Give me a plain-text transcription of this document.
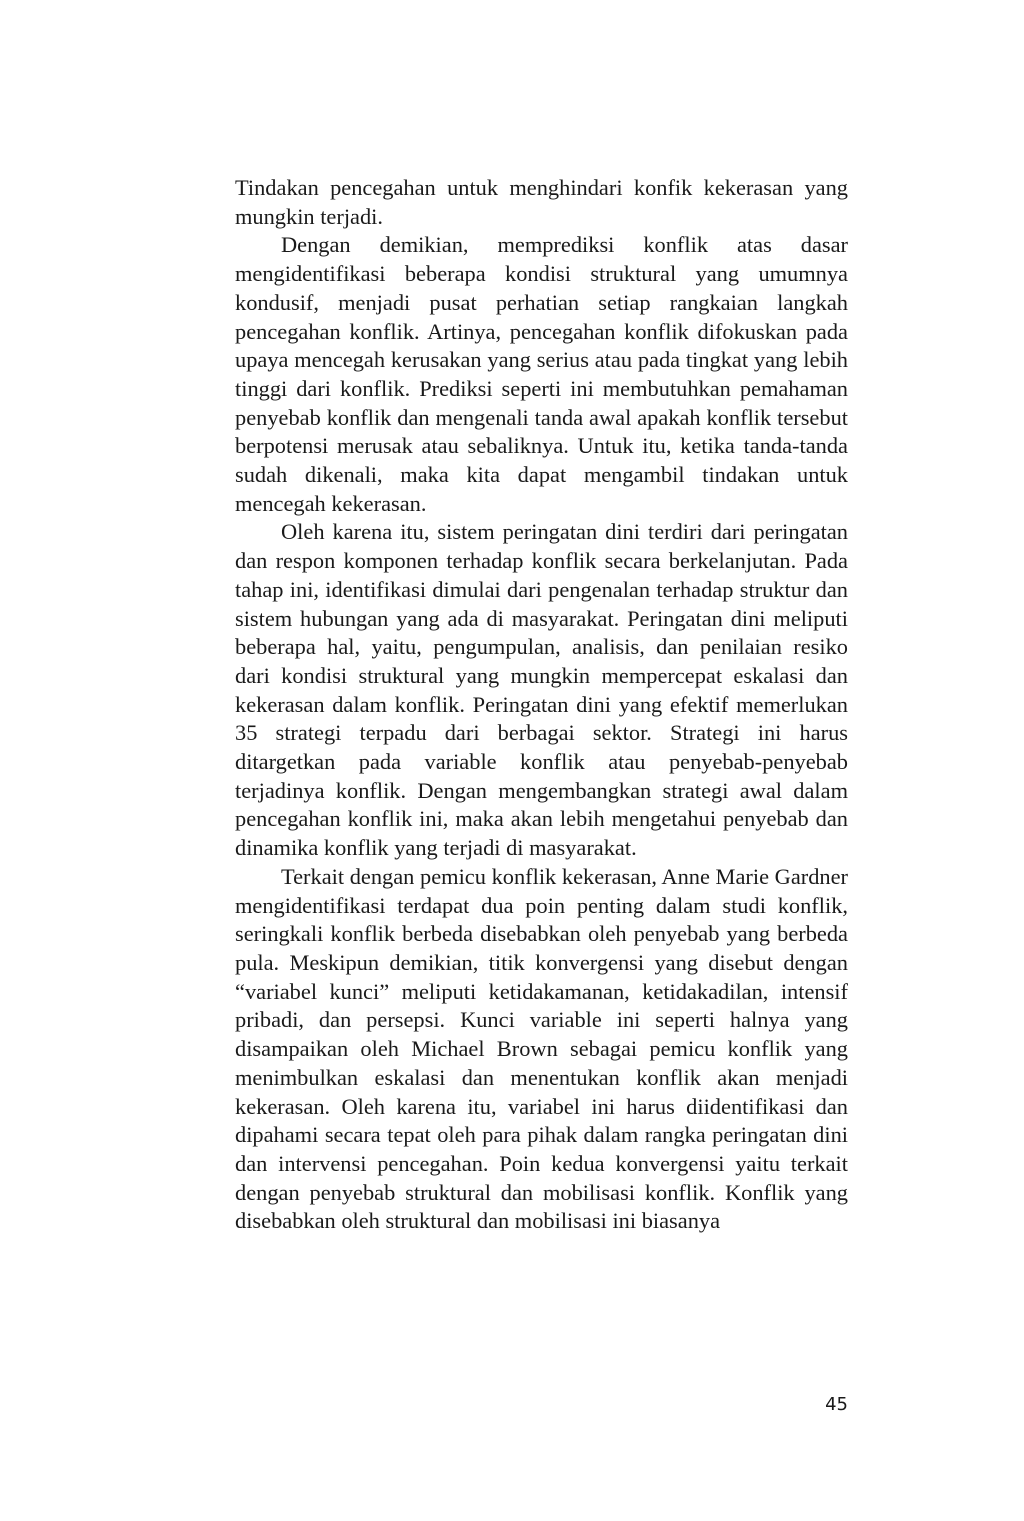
Tindakan pencegahan untuk menghindari konfik kekerasan yang mungkin terjadi.

Dengan demikian, memprediksi konflik atas dasar mengidentifikasi beberapa kondisi struktural yang umumnya kondusif, menjadi pusat perhatian setiap rangkaian langkah pencegahan konflik. Artinya, pencegahan konflik difokuskan pada upaya mencegah kerusakan yang serius atau pada tingkat yang lebih tinggi dari konflik. Prediksi seperti ini membutuhkan pemahaman penyebab konflik dan mengenali tanda awal apakah konflik tersebut berpotensi merusak atau sebaliknya. Untuk itu, ketika tanda-tanda sudah dikenali, maka kita dapat mengambil tindakan untuk mencegah kekerasan.

Oleh karena itu, sistem peringatan dini terdiri dari peringatan dan respon komponen terhadap konflik secara berkelanjutan. Pada tahap ini, identifikasi dimulai dari pengenalan terhadap struktur dan sistem hubungan yang ada di masyarakat. Peringatan dini meliputi beberapa hal, yaitu, pengumpulan, analisis, dan penilaian resiko dari kondisi struktural yang mungkin mempercepat eskalasi dan kekerasan dalam konflik. Peringatan dini yang efektif memerlukan 35 strategi terpadu dari berbagai sektor. Strategi ini harus ditargetkan pada variable konflik atau penyebab-penyebab terjadinya konflik. Dengan mengembangkan strategi awal dalam pencegahan konflik ini, maka akan lebih mengetahui penyebab dan dinamika konflik yang terjadi di masyarakat.

Terkait dengan pemicu konflik kekerasan, Anne Marie Gardner mengidentifikasi terdapat dua poin penting dalam studi konflik, seringkali konflik berbeda disebabkan oleh penyebab yang berbeda pula. Meskipun demikian, titik konvergensi yang disebut dengan “variabel kunci” meliputi ketidakamanan, ketidakadilan, intensif pribadi, dan persepsi. Kunci variable ini seperti halnya yang disampaikan oleh Michael Brown sebagai pemicu konflik yang menimbulkan eskalasi dan menentukan konflik akan menjadi kekerasan. Oleh karena itu, variabel ini harus diidentifikasi dan dipahami secara tepat oleh para pihak dalam rangka peringatan dini dan intervensi pencegahan. Poin kedua konvergensi yaitu terkait dengan penyebab struktural dan mobilisasi konflik. Konflik yang disebabkan oleh struktural dan mobilisasi ini biasanya

45
